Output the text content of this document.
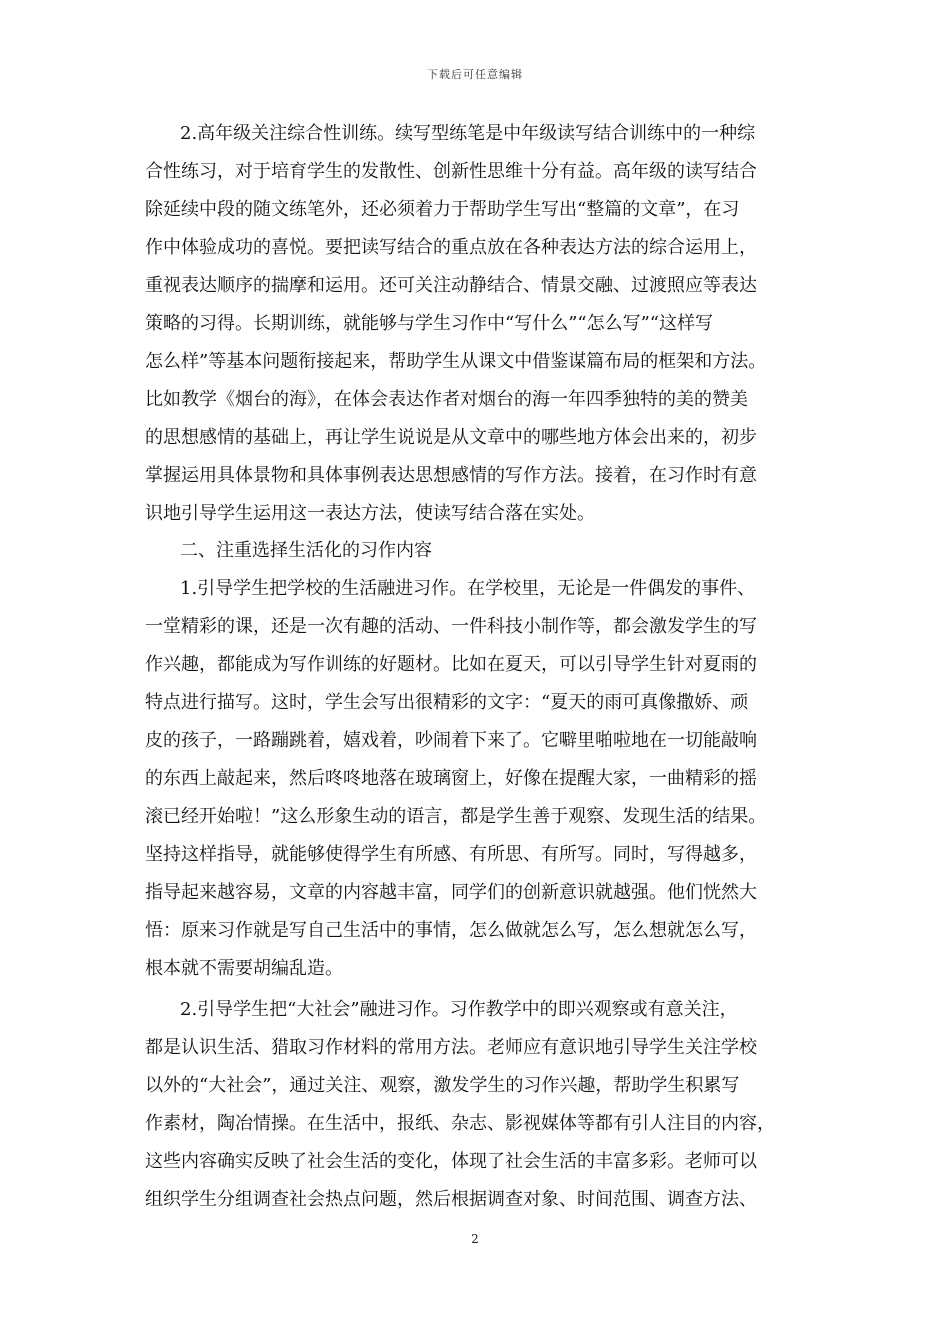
下载后可任意编辑
2.高年级关注综合性训练。续写型练笔是中年级读写结合训练中的一种综
合性练习，对于培育学生的发散性、创新性思维十分有益。高年级的读写结合
除延续中段的随文练笔外，还必须着力于帮助学生写出“整篇的文章”，在习
作中体验成功的喜悦。要把读写结合的重点放在各种表达方法的综合运用上，
重视表达顺序的揣摩和运用。还可关注动静结合、情景交融、过渡照应等表达
策略的习得。长期训练，就能够与学生习作中“写什么”“怎么写”“这样写
怎么样”等基本问题衔接起来，帮助学生从课文中借鉴谋篇布局的框架和方法。
比如教学《烟台的海》，在体会表达作者对烟台的海一年四季独特的美的赞美
的思想感情的基础上，再让学生说说是从文章中的哪些地方体会出来的，初步
掌握运用具体景物和具体事例表达思想感情的写作方法。接着，在习作时有意
识地引导学生运用这一表达方法，使读写结合落在实处。
二、注重选择生活化的习作内容
1.引导学生把学校的生活融进习作。在学校里，无论是一件偶发的事件、
一堂精彩的课，还是一次有趣的活动、一件科技小制作等，都会激发学生的写
作兴趣，都能成为写作训练的好题材。比如在夏天，可以引导学生针对夏雨的
特点进行描写。这时，学生会写出很精彩的文字：“夏天的雨可真像撒娇、顽
皮的孩子，一路蹦跳着，嬉戏着，吵闹着下来了。它噼里啪啦地在一切能敲响
的东西上敲起来，然后咚咚地落在玻璃窗上，好像在提醒大家，一曲精彩的摇
滚已经开始啦！”这么形象生动的语言，都是学生善于观察、发现生活的结果。
坚持这样指导，就能够使得学生有所感、有所思、有所写。同时，写得越多，
指导起来越容易，文章的内容越丰富，同学们的创新意识就越强。他们恍然大
悟：原来习作就是写自己生活中的事情，怎么做就怎么写，怎么想就怎么写，
根本就不需要胡编乱造。
2.引导学生把“大社会”融进习作。习作教学中的即兴观察或有意关注，
都是认识生活、猎取习作材料的常用方法。老师应有意识地引导学生关注学校
以外的“大社会”，通过关注、观察，激发学生的习作兴趣，帮助学生积累写
作素材，陶冶情操。在生活中，报纸、杂志、影视媒体等都有引人注目的内容，
这些内容确实反映了社会生活的变化，体现了社会生活的丰富多彩。老师可以
组织学生分组调查社会热点问题，然后根据调查对象、时间范围、调查方法、
2
